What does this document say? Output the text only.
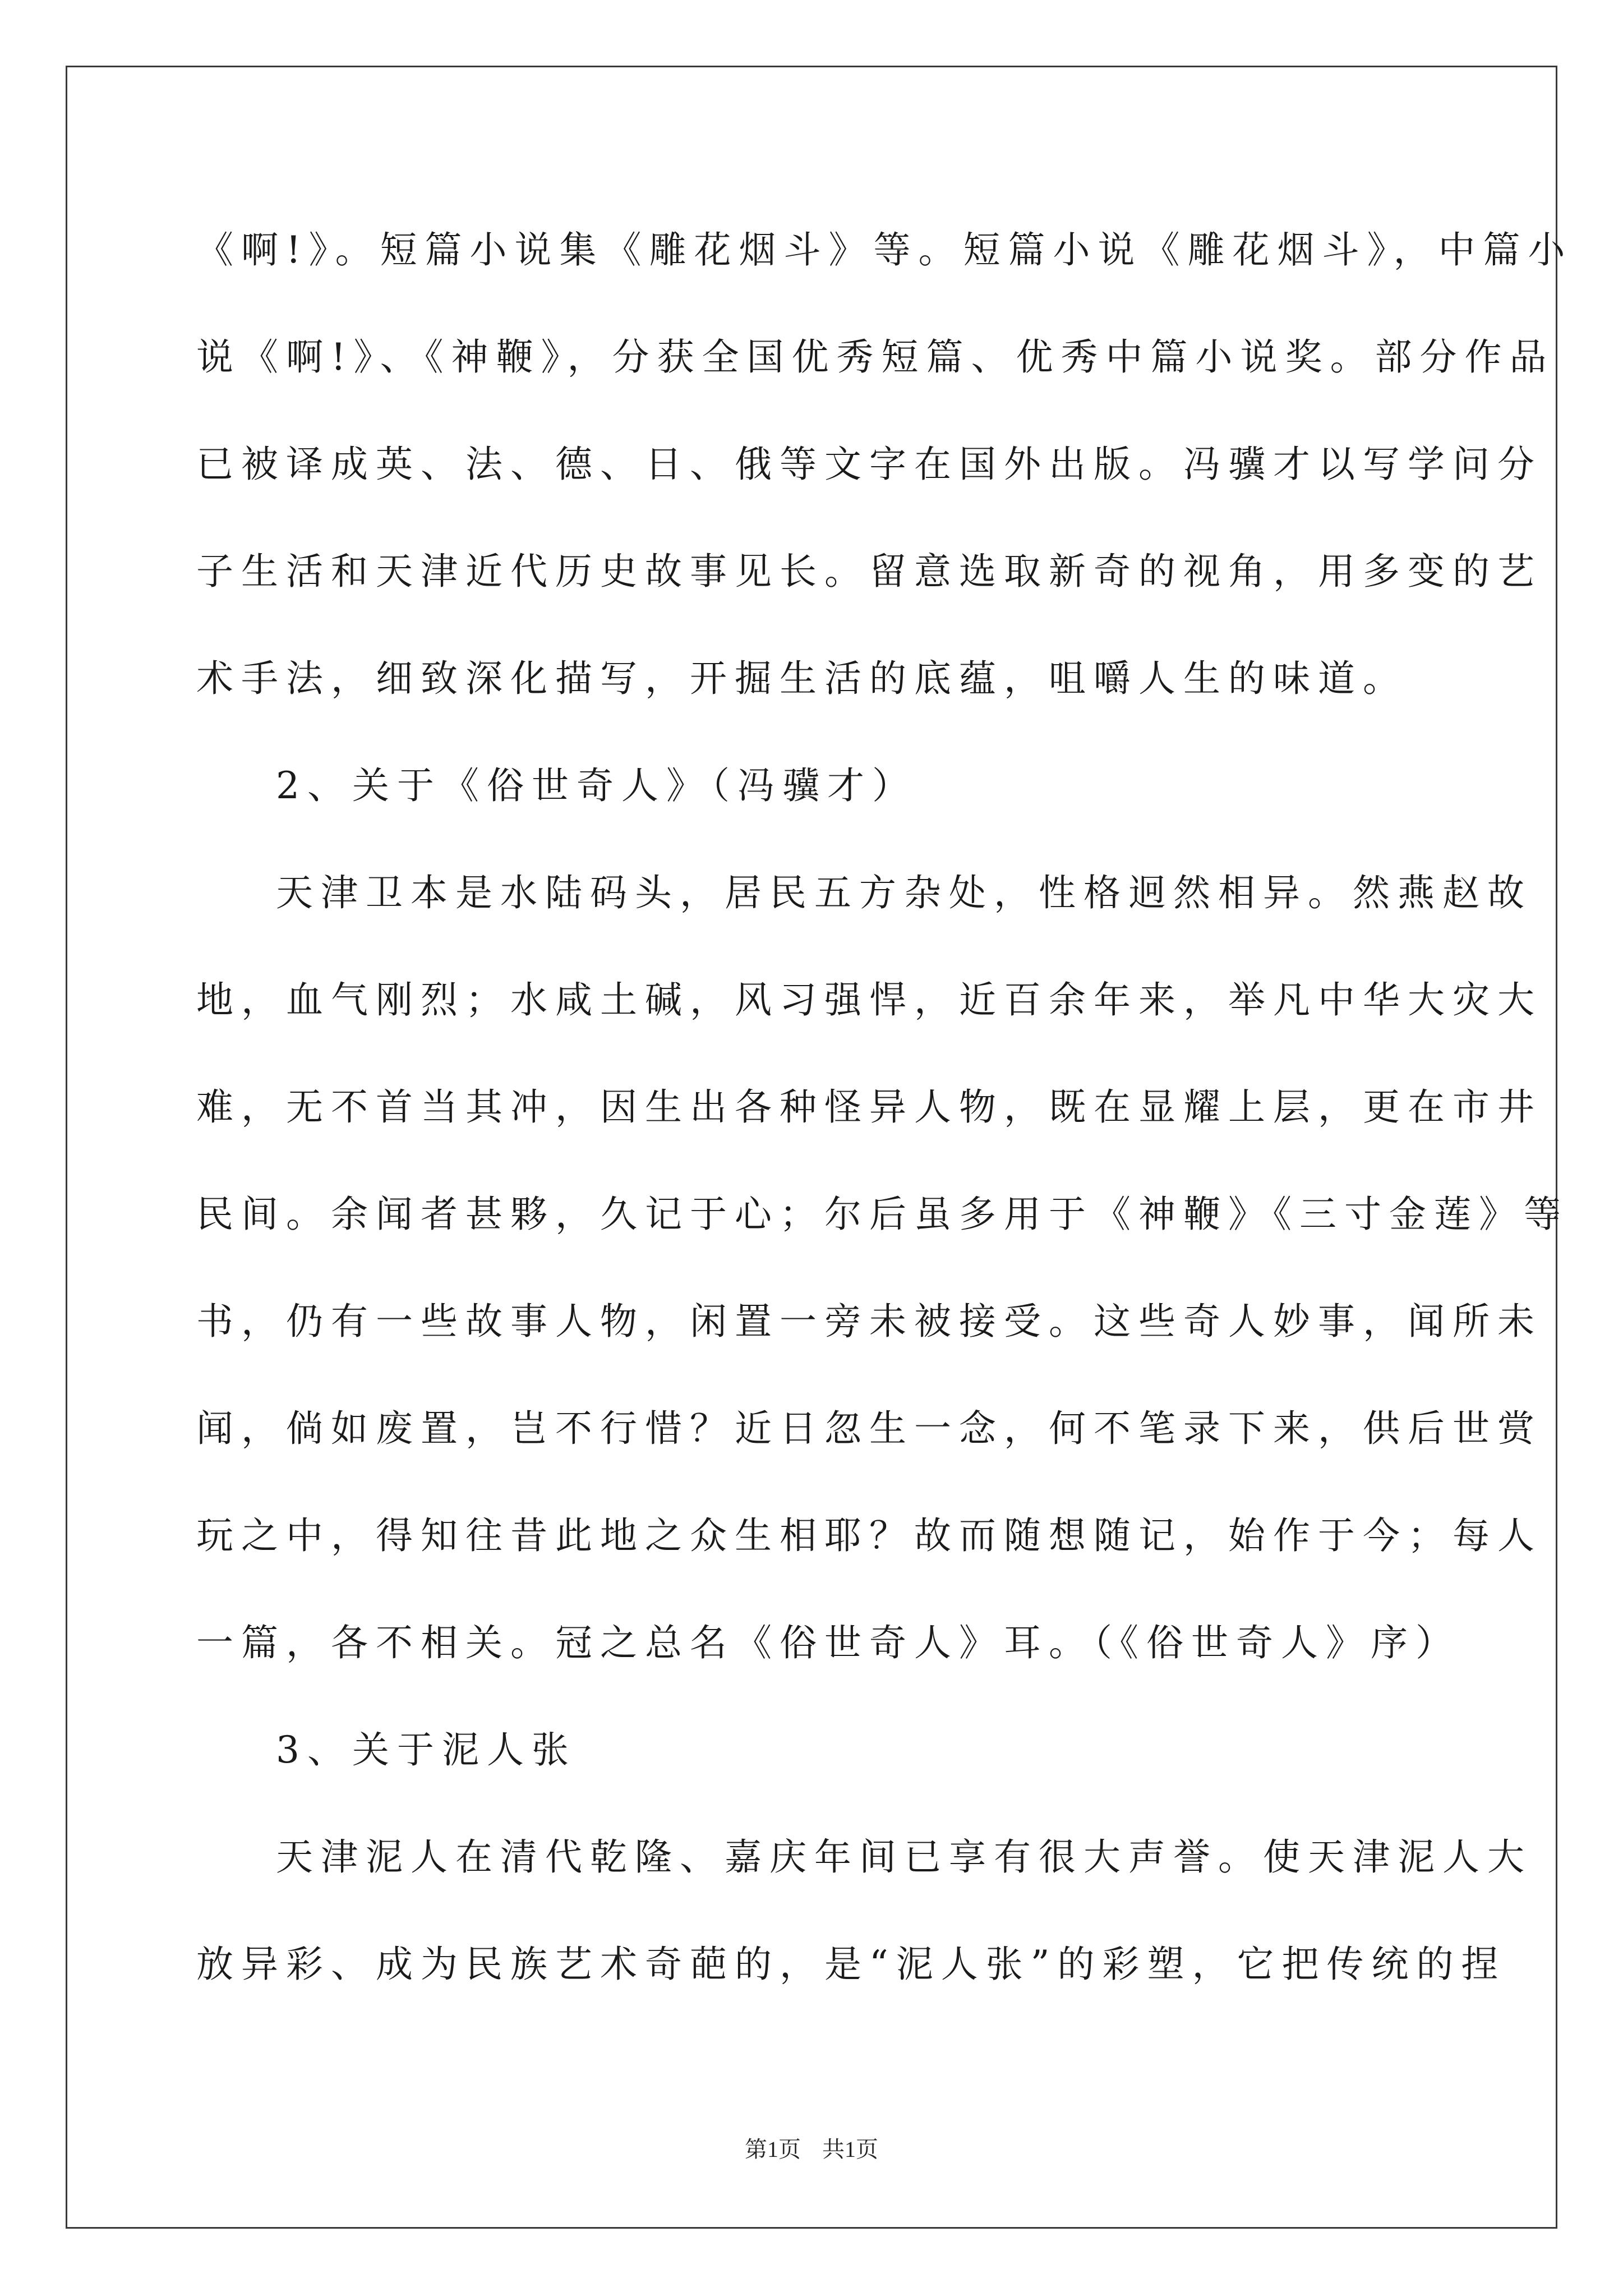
《啊!》。短篇小说集《雕花烟斗》等。短篇小说《雕花烟斗》，中篇小

说《啊!》、《神鞭》，分获全国优秀短篇、优秀中篇小说奖。部分作品

已被译成英、法、德、日、俄等文字在国外出版。冯骥才以写学问分

子生活和天津近代历史故事见长。留意选取新奇的视角，用多变的艺

术手法，细致深化描写，开掘生活的底蕴，咀嚼人生的味道。

2、关于《俗世奇人》（冯骥才）

天津卫本是水陆码头，居民五方杂处，性格迥然相异。然燕赵故

地，血气刚烈；水咸土碱，风习强悍，近百余年来，举凡中华大灾大

难，无不首当其冲，因生出各种怪异人物，既在显耀上层，更在市井

民间。余闻者甚夥，久记于心；尔后虽多用于《神鞭》《三寸金莲》等

书，仍有一些故事人物，闲置一旁未被接受。这些奇人妙事，闻所未

闻，倘如废置，岂不行惜？近日忽生一念，何不笔录下来，供后世赏

玩之中，得知往昔此地之众生相耶？故而随想随记，始作于今；每人

一篇，各不相关。冠之总名《俗世奇人》耳。（《俗世奇人》序）

3、关于泥人张

天津泥人在清代乾隆、嘉庆年间已享有很大声誉。使天津泥人大

放异彩、成为民族艺术奇葩的，是“泥人张”的彩塑，它把传统的捏

第1页 共1页
